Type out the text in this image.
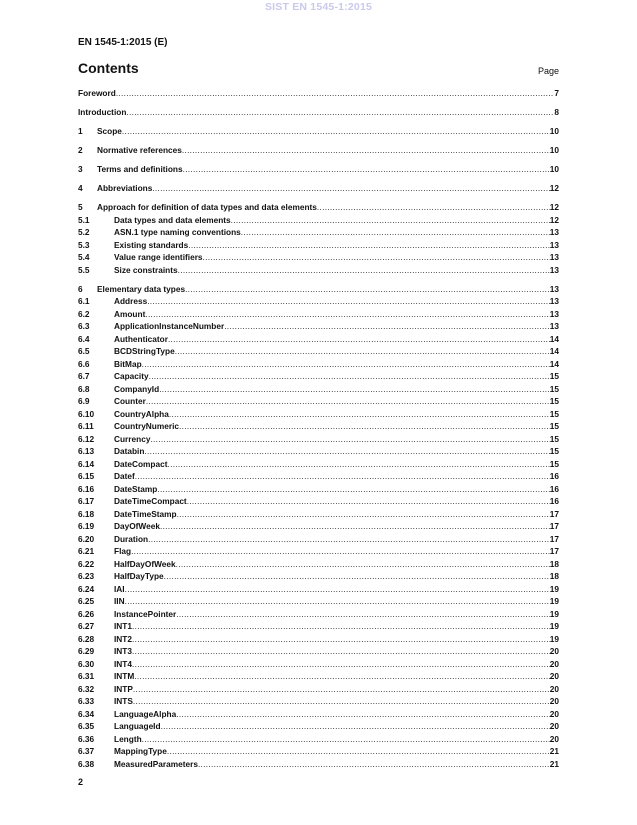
SIST EN 1545-1:2015
EN 1545-1:2015 (E)
Contents	Page
Foreword .....	7
Introduction .....	8
1	Scope .....	10
2	Normative references .....	10
3	Terms and definitions .....	10
4	Abbreviations .....	12
5	Approach for definition of data types and data elements .....	12
5.1	Data types and data elements .....	12
5.2	ASN.1 type naming conventions .....	13
5.3	Existing standards .....	13
5.4	Value range identifiers .....	13
5.5	Size constraints .....	13
6	Elementary data types .....	13
6.1	Address .....	13
6.2	Amount .....	13
6.3	ApplicationInstanceNumber .....	13
6.4	Authenticator .....	14
6.5	BCDStringType .....	14
6.6	BitMap .....	14
6.7	Capacity .....	15
6.8	CompanyId .....	15
6.9	Counter .....	15
6.10	CountryAlpha .....	15
6.11	CountryNumeric .....	15
6.12	Currency .....	15
6.13	Databin .....	15
6.14	DateCompact .....	15
6.15	Datef .....	16
6.16	DateStamp .....	16
6.17	DateTimeCompact .....	16
6.18	DateTimeStamp .....	17
6.19	DayOfWeek .....	17
6.20	Duration .....	17
6.21	Flag .....	17
6.22	HalfDayOfWeek .....	18
6.23	HalfDayType .....	18
6.24	IAI .....	19
6.25	IIN .....	19
6.26	InstancePointer .....	19
6.27	INT1 .....	19
6.28	INT2 .....	19
6.29	INT3 .....	20
6.30	INT4 .....	20
6.31	INTM .....	20
6.32	INTP .....	20
6.33	INTS .....	20
6.34	LanguageAlpha .....	20
6.35	LanguageId .....	20
6.36	Length .....	20
6.37	MappingType .....	21
6.38	MeasuredParameters .....	21
2
